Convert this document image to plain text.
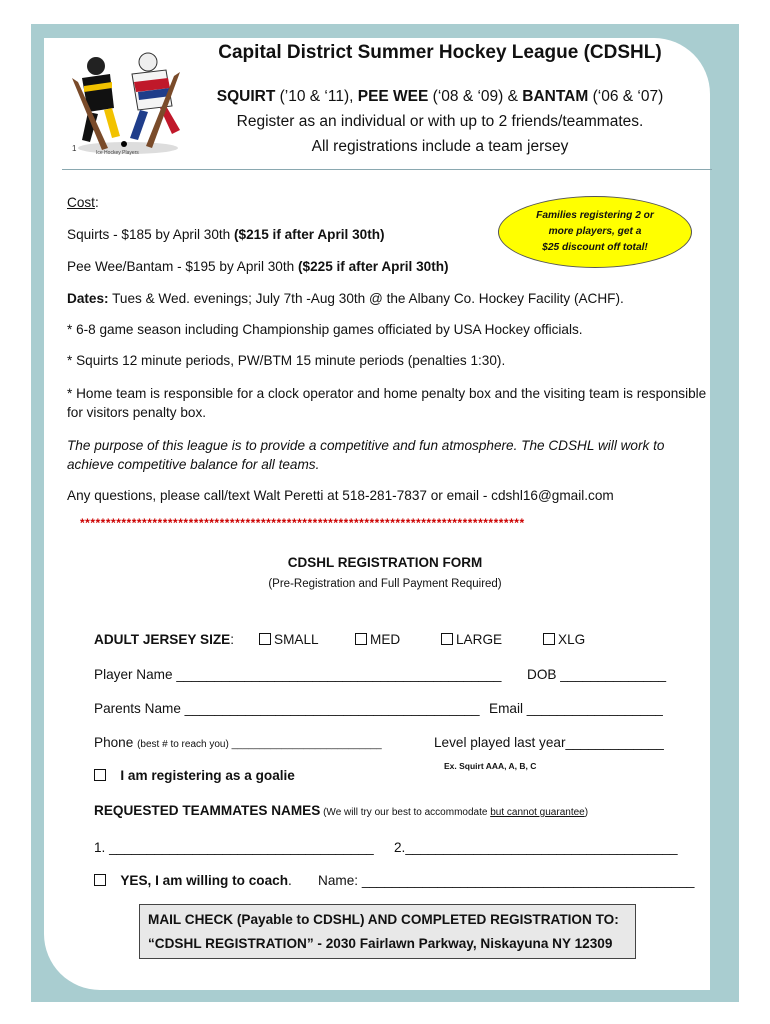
1	Ice Hockey Players
Capital District Summer Hockey League (CDSHL)
SQUIRT (’10 & ‘11), PEE WEE (‘08 & ‘09) & BANTAM (‘06 & ‘07)
Register as an individual or with up to 2 friends/teammates.
All registrations include a team jersey
Cost:
Squirts - $185 by April 30th ($215 if after April 30th)
Pee Wee/Bantam - $195 by April 30th ($225 if after April 30th)
Families registering 2 or
more players, get a
$25 discount off total!
Dates: Tues & Wed. evenings; July 7th -Aug 30th @ the Albany Co. Hockey Facility (ACHF).
* 6-8 game season including Championship games officiated by USA Hockey officials.
* Squirts 12 minute periods, PW/BTM 15 minute periods (penalties 1:30).
* Home team is responsible for a clock operator and home penalty box and the visiting team is responsible for visitors penalty box.
The purpose of this league is to provide a competitive and fun atmosphere. The CDSHL will work to achieve competitive balance for all teams.
Any questions, please call/text Walt Peretti at 518-281-7837 or email - cdshl16@gmail.com
**************************************************************************************
CDSHL REGISTRATION FORM
(Pre-Registration and Full Payment Required)
ADULT JERSEY SIZE:	SMALL	MED	LARGE	XLG
Player Name ___________________________________________ DOB ______________
Parents Name _______________________________________ Email __________________
Phone (best # to reach you) ___________________________	Level played last year_____________
Ex. Squirt AAA, A, B, C
I am registering as a goalie
REQUESTED TEAMMATES NAMES (We will try our best to accommodate but cannot guarantee)
1. ___________________________________ 2.____________________________________
YES, I am willing to coach. Name: ____________________________________________
MAIL CHECK (Payable to CDSHL) AND COMPLETED REGISTRATION TO:
“CDSHL REGISTRATION” - 2030 Fairlawn Parkway, Niskayuna NY 12309
